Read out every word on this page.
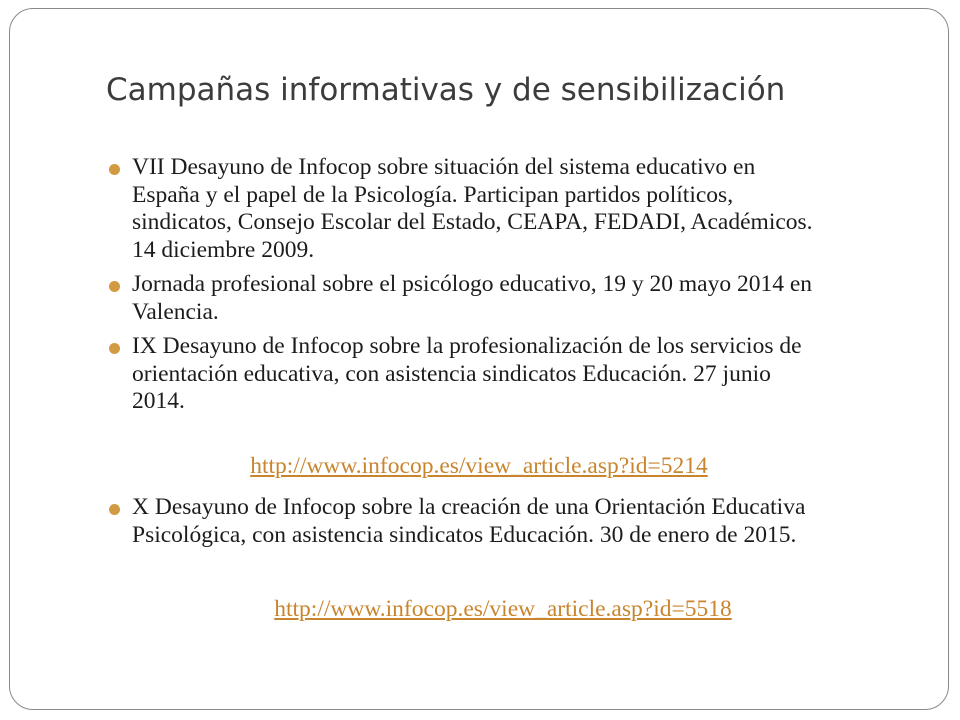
Campañas informativas y de sensibilización
VII Desayuno de Infocop sobre situación del sistema educativo en España y el papel de la Psicología. Participan partidos políticos, sindicatos, Consejo Escolar del Estado, CEAPA, FEDADI, Académicos. 14 diciembre 2009.
Jornada profesional sobre el psicólogo educativo, 19 y 20 mayo 2014 en Valencia.
IX Desayuno de Infocop sobre la profesionalización de los servicios de orientación educativa, con asistencia sindicatos Educación. 27 junio 2014.
http://www.infocop.es/view_article.asp?id=5214
X Desayuno de Infocop sobre la creación de una Orientación Educativa Psicológica, con asistencia sindicatos Educación. 30 de enero de 2015.
http://www.infocop.es/view_article.asp?id=5518
